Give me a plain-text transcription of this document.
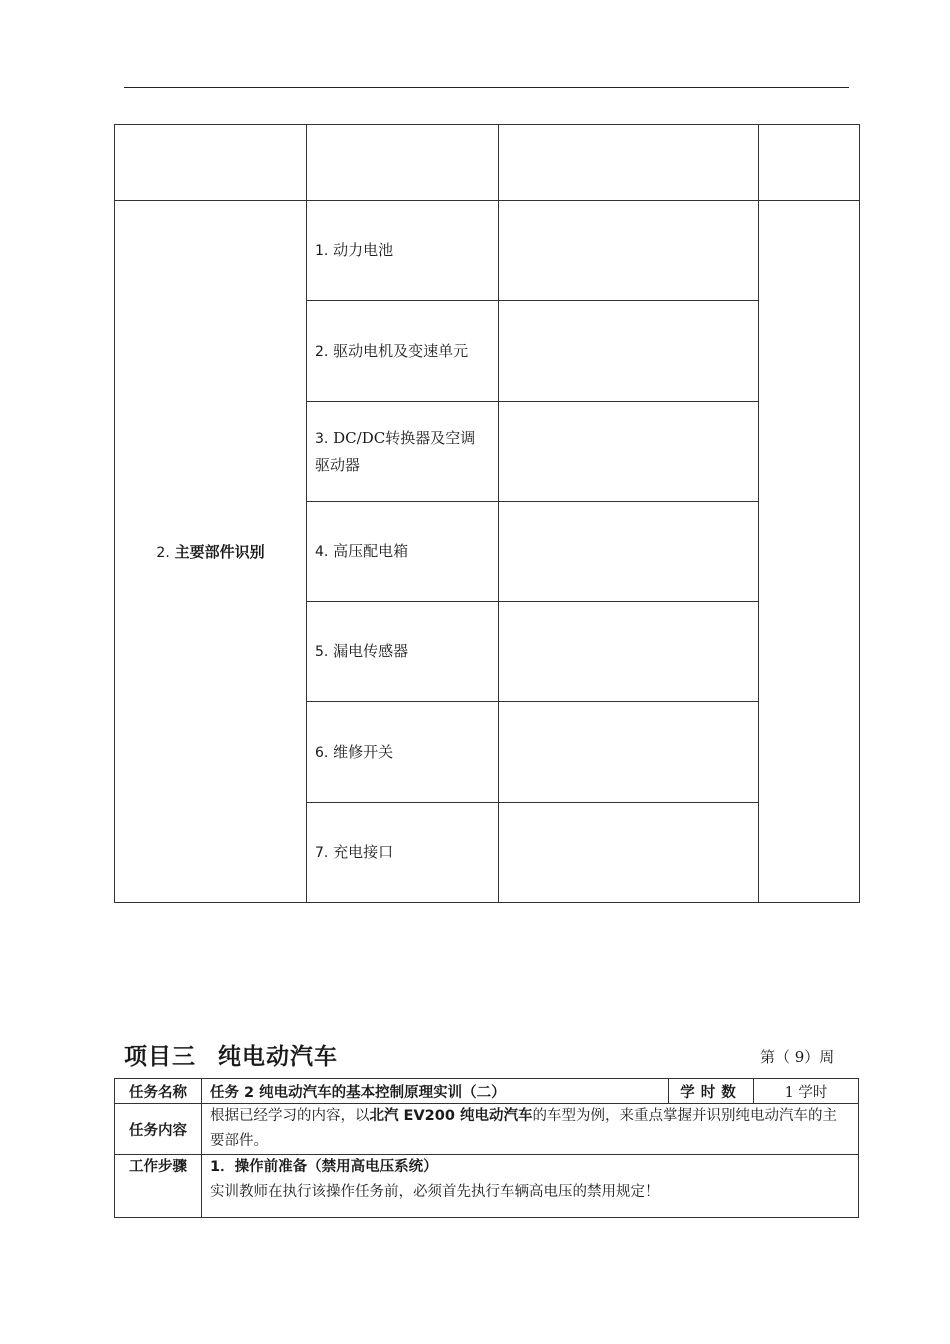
2. 主要部件识别	1. 动力电池		
	2. 驱动电机及变速单元		
	3. DC/DC转换器及空调驱动器		
	4. 高压配电箱		
	5. 漏电传感器		
	6. 维修开关		
	7. 充电接口		
项目三 纯电动汽车	第（ 9）周
任务名称	任务 2 纯电动汽车的基本控制原理实训（二）	学时数	1 学时
任务内容	根据已经学习的内容，以北汽 EV200 纯电动汽车的车型为例，来重点掌握并识别纯电动汽车的主要部件。		
工作步骤	1．操作前准备（禁用高电压系统）
实训教师在执行该操作任务前，必须首先执行车辆高电压的禁用规定！		
